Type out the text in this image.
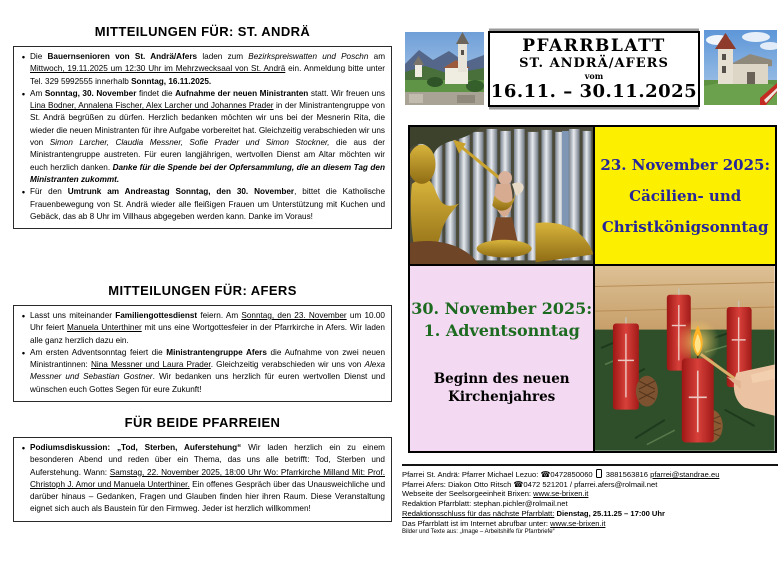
MITTEILUNGEN FÜR: ST. ANDRÄ
• Die Bauernsenioren von St. Andrä/Afers laden zum Bezirkspreiswatten und Poschn am Mittwoch, 19.11.2025 um 12:30 Uhr im Mehrzwecksaal von St. Andrä ein. Anmeldung bitte unter Tel. 329 5992555 innerhalb Sonntag, 16.11.2025.
• Am Sonntag, 30. November findet die Aufnahme der neuen Ministranten statt. Wir freuen uns Lina Bodner, Annalena Fischer, Alex Larcher und Johannes Prader in der Ministrantengruppe von St. Andrä begrüßen zu dürfen. Herzlich bedanken möchten wir uns bei der Mesnerin Rita, die wieder die neuen Ministranten für ihre Aufgabe vorbereitet hat. Gleichzeitig verabschieden wir uns von Simon Larcher, Claudia Messner, Sofie Prader und Simon Stockner, die aus der Ministrantengruppe austreten. Für euren langjährigen, wertvollen Dienst am Altar möchten wir euch herzlich danken. Danke für die Spende bei der Opfersammlung, die an diesem Tag den Ministranten zukommt.
• Für den Umtrunk am Andreastag Sonntag, den 30. November, bittet die Katholische Frauenbewegung von St. Andrä wieder alle fleißigen Frauen um Unterstützung mit Kuchen und Gebäck, das ab 8 Uhr im Villhaus abgegeben werden kann. Danke im Voraus!
MITTEILUNGEN FÜR: AFERS
• Lasst uns miteinander Familiengottesdienst feiern. Am Sonntag, den 23. November um 10.00 Uhr feiert Manuela Unterthiner mit uns eine Wortgottesfeier in der Pfarrkirche in Afers. Wir laden alle ganz herzlich dazu ein.
• Am ersten Adventsonntag feiert die Ministrantengruppe Afers die Aufnahme von zwei neuen Ministrantinnen: Nina Messner und Laura Prader. Gleichzeitig verabschieden wir uns von Alexa Messner und Sebastian Gostner. Wir bedanken uns herzlich für euren wertvollen Dienst und wünschen euch Gottes Segen für eure Zukunft!
FÜR BEIDE PFARREIEN
• Podiumsdiskussion: „Tod, Sterben, Auferstehung“ Wir laden herzlich ein zu einem besonderen Abend und reden über ein Thema, das uns alle betrifft: Tod, Sterben und Auferstehung. Wann: Samstag, 22. November 2025, 18:00 Uhr Wo: Pfarrkirche Milland Mit: Prof. Christoph J. Amor und Manuela Unterthiner. Ein offenes Gespräch über das Unausweichliche und darüber hinaus – Gedanken, Fragen und Glauben finden hier ihren Raum. Diese Veranstaltung eignet sich auch als Baustein für den Firmweg. Jeder ist herzlich willkommen!
PFARRBLATT
ST. ANDRÄ/AFERS
vom
16.11. – 30.11.2025
23. November 2025:
Cäcilien- und
Christkönigsonntag
30. November 2025:
1. Adventsonntag
Beginn des neuen
Kirchenjahres
Pfarrei St. Andrä: Pfarrer Michael Lezuo: ☎0472850060 3881563816 pfarrei@standrae.eu
Pfarrei Afers: Diakon Otto Ritsch ☎0472 521201 / pfarrei.afers@rolmail.net
Webseite der Seelsorgeeinheit Brixen: www.se-brixen.it
Redaktion Pfarrblatt: stephan.pichler@rolmail.net
Redaktionsschluss für das nächste Pfarrblatt: Dienstag, 25.11.25 – 17:00 Uhr
Das Pfarrblatt ist im Internet abrufbar unter: www.se-brixen.it
Bilder und Texte aus: „Image – Arbeitshilfe für Pfarrbriefe“
